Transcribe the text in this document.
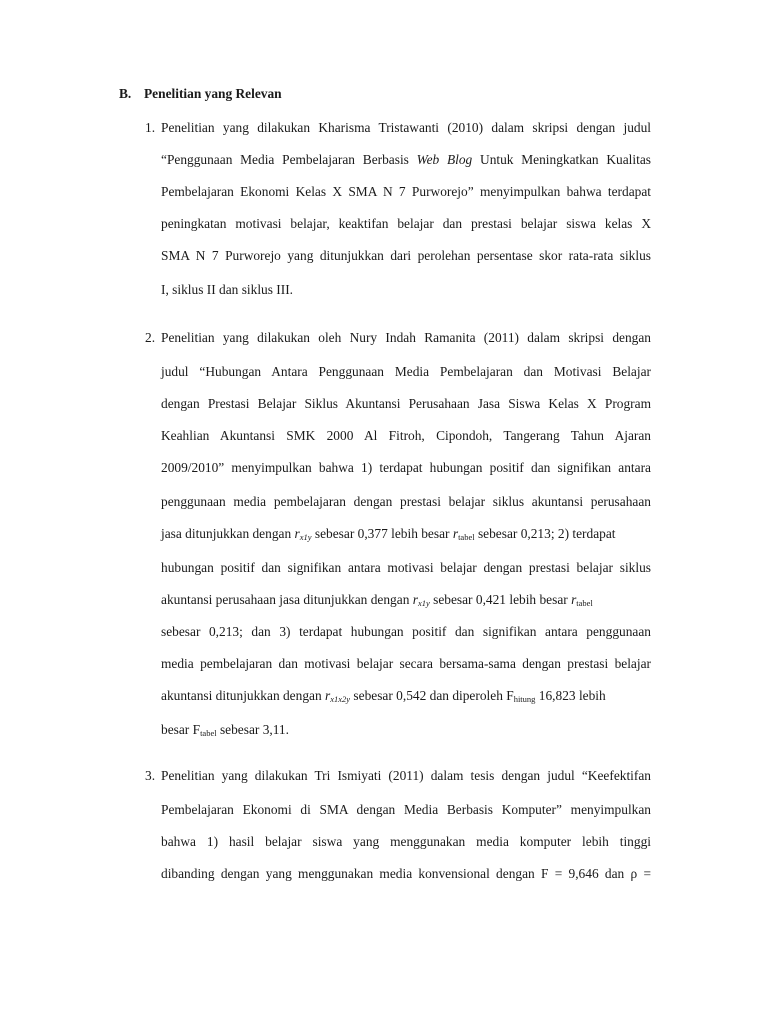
B. Penelitian yang Relevan
1. Penelitian yang dilakukan Kharisma Tristawanti (2010) dalam skripsi dengan judul
“Penggunaan Media Pembelajaran Berbasis Web Blog Untuk Meningkatkan Kualitas
Pembelajaran Ekonomi Kelas X SMA N 7 Purworejo” menyimpulkan bahwa terdapat
peningkatan motivasi belajar, keaktifan belajar dan prestasi belajar siswa kelas X
SMA N 7 Purworejo yang ditunjukkan dari perolehan persentase skor rata-rata siklus
I, siklus II dan siklus III.
2. Penelitian yang dilakukan oleh Nury Indah Ramanita (2011) dalam skripsi dengan
judul “Hubungan Antara Penggunaan Media Pembelajaran dan Motivasi Belajar
dengan Prestasi Belajar Siklus Akuntansi Perusahaan Jasa Siswa Kelas X Program
Keahlian Akuntansi SMK 2000 Al Fitroh, Cipondoh, Tangerang Tahun Ajaran
2009/2010” menyimpulkan bahwa 1) terdapat hubungan positif dan signifikan antara
penggunaan media pembelajaran dengan prestasi belajar siklus akuntansi perusahaan
jasa ditunjukkan dengan $r_{x1y}$ sebesar 0,377 lebih besar rtabel sebesar 0,213; 2) terdapat
hubungan positif dan signifikan antara motivasi belajar dengan prestasi belajar siklus
akuntansi perusahaan jasa ditunjukkan dengan $r_{x1y}$ sebesar 0,421 lebih besar rtabel
sebesar 0,213; dan 3) terdapat hubungan positif dan signifikan antara penggunaan
media pembelajaran dan motivasi belajar secara bersama-sama dengan prestasi belajar
akuntansi ditunjukkan dengan $r_{x1x2y}$ sebesar 0,542 dan diperoleh Fhitung 16,823 lebih
besar Ftabel sebesar 3,11.
3. Penelitian yang dilakukan Tri Ismiyati (2011) dalam tesis dengan judul “Keefektifan
Pembelajaran Ekonomi di SMA dengan Media Berbasis Komputer” menyimpulkan
bahwa 1) hasil belajar siswa yang menggunakan media komputer lebih tinggi
dibanding dengan yang menggunakan media konvensional dengan F = 9,646 dan ρ =
